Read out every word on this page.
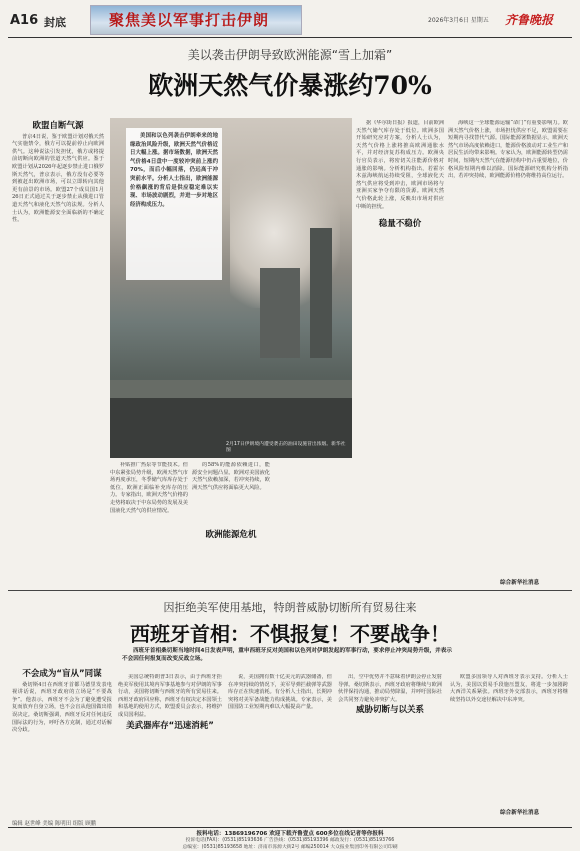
A16 封底	聚焦美以军事打击伊朗	2026年3月6日 星期五 齐鲁晚报
美以袭击伊朗导致欧洲能源“雪上加霜”
欧洲天然气价暴涨约70%
欧盟自断气源

普京4日说，鉴于欧盟计划对俄天然气实施禁令，俄方可以提前停止向欧洲供气。这种说法引发担忧，俄方或将提前切断向欧洲的管道天然气供应。鉴于欧盟计划从2026年起逐步禁止进口俄罗斯天然气，普京表示，俄方没有必要等到被赶出欧洲市场，可以立即转向其他更有前景的市场。欧盟27个成员国1月26日正式通过关于逐步禁止从俄进口管道天然气和液化天然气的法规。分析人士认为，欧洲能源安全面临新的不确定性。

美国和以色列袭击伊朗牵来的地缘政治风险升级，欧洲天然气价格近日大幅上涨。据市场数据，欧洲天然气价格4日盘中一度较冲突前上涨约70%，而后小幅回落，仍远高于冲突前水平。分析人士指出，欧洲能源价格飙涨的背后是供应稳定难以实现、市场波动剧烈，并进一步对地区经济构成压力。
2月17日伊朗境内遭受袭击的油田设施冒出浓烟。新华社图

补贴推广热泵等节能技术。但中东紧张局势升级，欧洲天然气市场再度承压，冬季储气库库存处于低位，欧洲正面临补充库存的压力。专家指出，欧洲天然气价格的走势将取决于中东局势的发展及美国液化天然气的供应情况。

的58%的能源依赖进口，能源安全问题凸显。欧洲对美国液化天然气依赖加深，若冲突持续，欧洲天然气供应将面临更大风险。

欧洲能源危机

据《华尔街日报》报道，目前欧洲天然气储气库存处于低位。欧洲多国开始研究应对方案，分析人士认为，天然气价格上涨将推高欧洲通胀水平，并对经济复苏构成压力。欧洲央行官员表示，将密切关注能源价格对通胀的影响。分析机构指出，若霍尔木兹海峡航运持续受阻，全球液化天然气供应将受到冲击，欧洲市场将与亚洲买家争夺有限的货源。欧洲天然气价格此轮上涨，反映出市场对供应中断的担忧。

稳量不稳价

海峡这一全球能源运输“命门”有重要影响力。欧洲天然气价格上涨，市场担忧供应不足，欧盟需要在短期内寻找替代气源。国际能源署数据显示，欧洲天然气市场高度依赖进口，能源价格波动对工业生产和居民生活均带来影响。专家认为，欧洲能源转型仍需时间，短期内天然气在能源结构中仍占重要地位，价格风险短期内难以消除。国际能源研究机构分析指出，若冲突持续，欧洲能源价格仍将维持高位运行。

综合新华社消息
因拒绝美军使用基地，特朗普威胁切断所有贸易往来
西班牙首相：不惧报复！不要战争！
西班牙首相桑切斯当地时间4日发表声明，重申西班牙反对美国和以色列对伊朗发起的军事行动，要求停止冲突局势升级，并表示不会因任何报复而改变反战立场。
不会成为“盲从”同谋

桑切斯4日在西班牙首都马德里发表电视讲话说，西班牙政府的立场是“不要战争”。他表示，西班牙不会为了避免遭受报复而放弃自身立场，也不会盲从他国做出错误决定。桑切斯强调，西班牙反对任何违反国际法的行为，呼吁各方克制，通过对话解决分歧。

美国总统特朗普3日表示，由于西班牙拒绝美军使用其境内军事基地参与对伊朗的军事行动，美国将切断与西班牙的所有贸易往来。西班牙政府回应称，西班牙有权决定本国领土和基地的使用方式，欧盟委员会表示，将维护成员国利益。

美武器库存“迅速消耗”

说，美国拥有数十亿美元的武器储备，但在冲突持续的情况下，美军导弹拦截弹等武器库存正在快速消耗。有分析人士指出，长期冲突将对美军备战能力构成挑战。专家表示，美国国防工业短期内难以大幅提高产量。

出，空中优势并不意味着伊朗会停止发射导弹。桑切斯表示，西班牙政府将继续与欧洲伙伴保持沟通，推动局势降温，并呼吁国际社会共同努力避免冲突扩大。

威胁切断与以关系

欧盟多国领导人对西班牙表示支持。分析人士认为，美国以贸易手段施压盟友，将进一步加剧跨大西洋关系紧张。西班牙外交部表示，西班牙将继续坚持以外交途径解决中东冲突。

综合新华社消息
编辑 赵世峰 美编 陈明田 组版 顾鹏
报料电话：13869196706 欢迎下载齐鲁壹点 600多位在线记者等你报料
投诉电话(FAX)：(0531)85193636 广告热线：(0531)85193396 邮政发行：(0531)85193766
总编室：(0531)85193658 地址：济南市泺源大街2号 邮编250014 大众报业集团印务有限公司印刷
